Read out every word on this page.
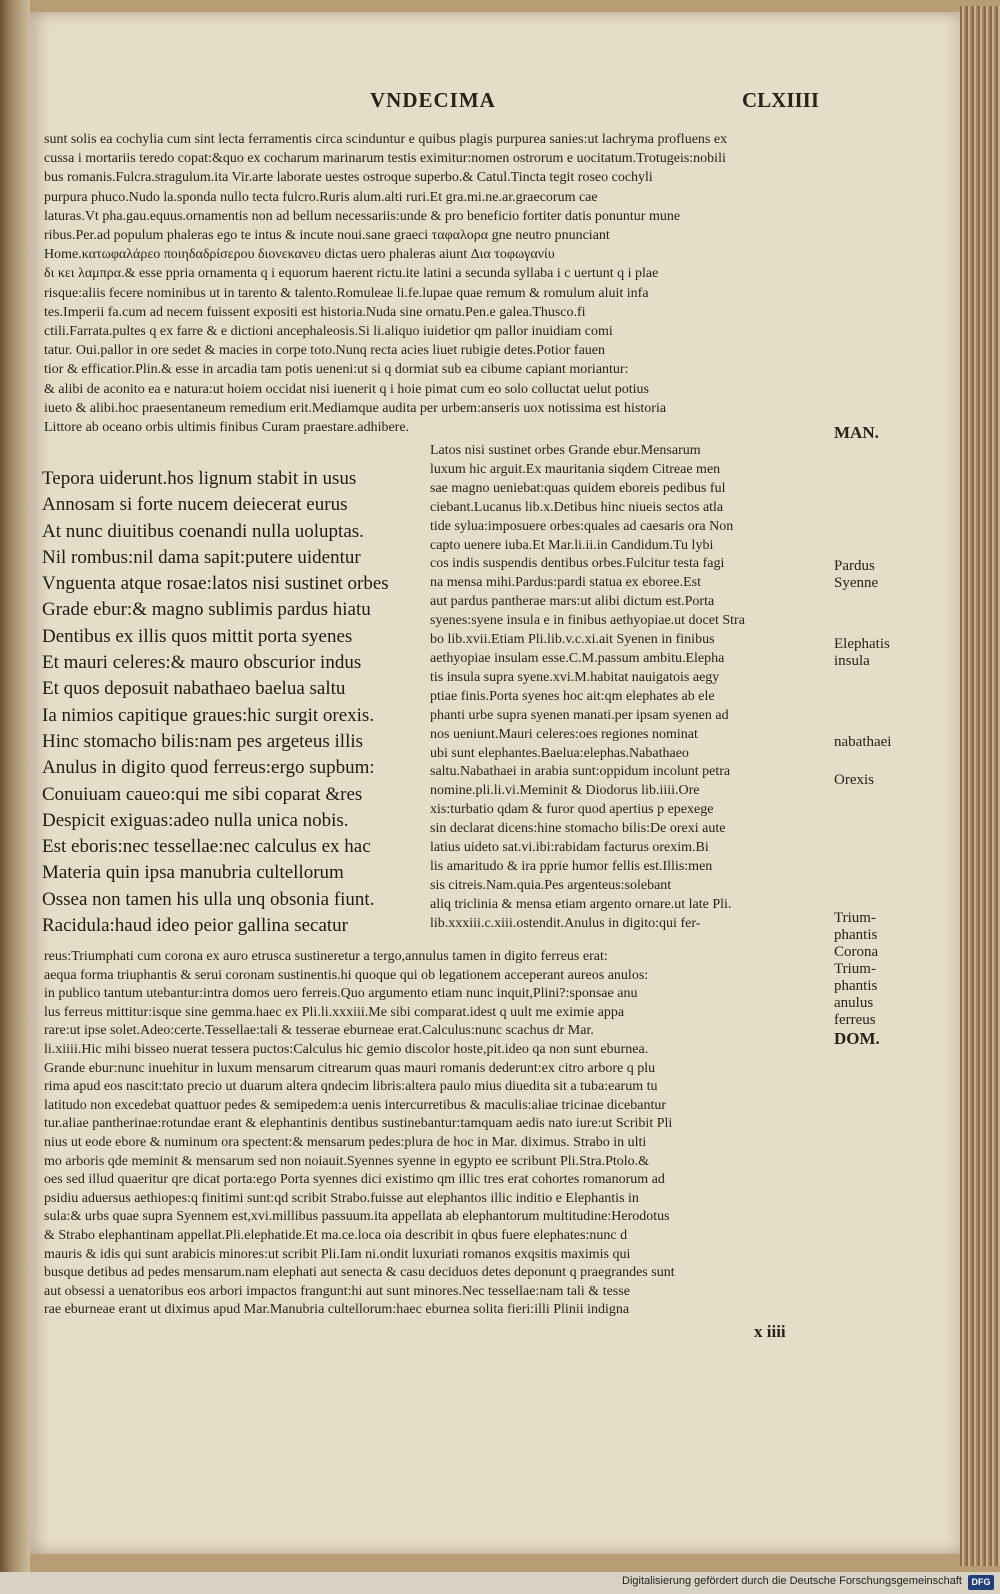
VNDECIMA	CLXIIII
sunt solis ea cochylia cum sint lecta ferramentis circa scinduntur e quibus plagis purpurea sanies:ut lachryma profluens ex
cussa i mortariis teredo copat:&quo ex cocharum marinarum testis eximitur:nomen ostrorum e uocitatum.Trotugeis:nobili
bus romanis.Fulcra.stragulum.ita Vir.arte laborate uestes ostroque superbo.& Catul.Tincta tegit roseo cochyli
purpura phuco.Nudo la.sponda nullo tecta fulcro.Ruris alum.alti ruri.Et gra.mi.ne.ar.graecorum cae
laturas.Vt pha.gau.equus.ornamentis non ad bellum necessariis:unde & pro beneficio fortiter datis ponuntur mune
ribus.Per.ad populum phaleras ego te intus & incute noui.sane graeci ταφαλορα gne neutro pnunciant
Home.κατωφαλάρεο ποιηδαδρίσερου διονεκανευ dictas uero phaleras aiunt Δια τοφωγανίυ
δι κει λαμπρα.& esse ppria ornamenta q i equorum haerent rictu.ite latini a secunda syllaba i c uertunt q i plae
risque:aliis fecere nominibus ut in tarento & talento.Romuleae li.fe.lupae quae remum & romulum aluit infa
tes.Imperii fa.cum ad necem fuissent expositi est historia.Nuda sine ornatu.Pen.e galea.Thusco.fi
ctili.Farrata.pultes q ex farre & e dictioni ancephaleosis.Si li.aliquo iuidetior qm pallor inuidiam comi
tatur. Oui.pallor in ore sedet & macies in corpe toto.Nunq recta acies liuet rubigie detes.Potior fauen
tior & efficatior.Plin.& esse in arcadia tam potis ueneni:ut si q dormiat sub ea cibume capiant moriantur:
& alibi de aconito ea e natura:ut hoiem occidat nisi iuenerit q i hoie pimat cum eo solo colluctat uelut potius
iueto & alibi.hoc praesentaneum remedium erit.Mediamque audita per urbem:anseris uox notissima est historia
Littore ab oceano orbis ultimis finibus Curam praestare.adhibere.
Tepora uiderunt.hos lignum stabit in usus
Annosam si forte nucem deiecerat eurus
At nunc diuitibus coenandi nulla uoluptas.
Nil rombus:nil dama sapit:putere uidentur
Vnguenta atque rosae:latos nisi sustinet orbes
Grade ebur:& magno sublimis pardus hiatu
Dentibus ex illis quos mittit porta syenes
Et mauri celeres:& mauro obscurior indus
Et quos deposuit nabathaeo baelua saltu
Ia nimios capitique graues:hic surgit orexis.
Hinc stomacho bilis:nam pes argeteus illis
Anulus in digito quod ferreus:ergo supbum:
Conuiuam caueo:qui me sibi coparat &res
Despicit exiguas:adeo nulla unica nobis.
Est eboris:nec tessellae:nec calculus ex hac
Materia quin ipsa manubria cultellorum
Ossea non tamen his ulla unq obsonia fiunt.
Racidula:haud ideo peior gallina secatur
Latos nisi sustinet orbes Grande ebur.Mensarum
luxum hic arguit.Ex mauritania siqdem Citreae men
sae magno ueniebat:quas quidem eboreis pedibus ful
ciebant.Lucanus lib.x.Detibus hinc niueis sectos atla
tide sylua:imposuere orbes:quales ad caesaris ora Non
capto uenere iuba.Et Mar.li.ii.in Candidum.Tu lybi
cos indis suspendis dentibus orbes.Fulcitur testa fagi
na mensa mihi.Pardus:pardi statua ex eboree.Est
aut pardus pantherae mars:ut alibi dictum est.Porta
syenes:syene insula e in finibus aethyopiae.ut docet Stra
bo lib.xvii.Etiam Pli.lib.v.c.xi.ait Syenen in finibus
aethyopiae insulam esse.C.M.passum ambitu.Elepha
tis insula supra syene.xvi.M.habitat nauigatois aegy
ptiae finis.Porta syenes hoc ait:qm elephates ab ele
phanti urbe supra syenen manati.per ipsam syenen ad
nos ueniunt.Mauri celeres:oes regiones nominat
ubi sunt elephantes.Baelua:elephas.Nabathaeo
saltu.Nabathaei in arabia sunt:oppidum incolunt petra
nomine.pli.li.vi.Meminit & Diodorus lib.iiii.Ore
xis:turbatio qdam & furor quod apertius p epexege
sin declarat dicens:hine stomacho bilis:De orexi aute
latius uideto sat.vi.ibi:rabidam facturus orexim.Bi
lis amaritudo & ira pprie humor fellis est.Illis:men
sis citreis.Nam.quia.Pes argenteus:solebant
aliq triclinia & mensa etiam argento ornare.ut late Pli.
lib.xxxiii.c.xiii.ostendit.Anulus in digito:qui fer-
reus:Triumphati cum corona ex auro etrusca sustineretur a tergo,annulus tamen in digito ferreus erat:
aequa forma triuphantis & serui coronam sustinentis.hi quoque qui ob legationem acceperant aureos anulos:
in publico tantum utebantur:intra domos uero ferreis.Quo argumento etiam nunc inquit,Plini?:sponsae anu
lus ferreus mittitur:isque sine gemma.haec ex Pli.li.xxxiii.Me sibi comparat.idest q uult me eximie appa
rare:ut ipse solet.Adeo:certe.Tessellae:tali & tesserae eburneae erat.Calculus:nunc scachus dr Mar.
li.xiiii.Hic mihi bisseo nuerat tessera puctos:Calculus hic gemio discolor hoste,pit.ideo qa non sunt eburnea.
Grande ebur:nunc inuehitur in luxum mensarum citrearum quas mauri romanis dederunt:ex citro arbore q plu
rima apud eos nascit:tato precio ut duarum altera qndecim libris:altera paulo mius diuedita sit a tuba:earum tu
latitudo non excedebat quattuor pedes & semipedem:a uenis intercurretibus & maculis:aliae tricinae dicebantur
tur.aliae pantherinae:rotundae erant & elephantinis dentibus sustinebantur:tamquam aedis nato iure:ut Scribit Pli
nius ut eode ebore & numinum ora spectent:& mensarum pedes:plura de hoc in Mar. diximus. Strabo in ulti
mo arboris qde meminit & mensarum sed non noiauit.Syennes syenne in egypto ee scribunt Pli.Stra.Ptolo.&
oes sed illud quaeritur qre dicat porta:ego Porta syennes dici existimo qm illic tres erat cohortes romanorum ad
psidiu aduersus aethiopes:q finitimi sunt:qd scribit Strabo.fuisse aut elephantos illic inditio e Elephantis in
sula:& urbs quae supra Syennem est,xvi.millibus passuum.ita appellata ab elephantorum multitudine:Herodotus
& Strabo elephantinam appellat.Pli.elephatide.Et ma.ce.loca oia describit in qbus fuere elephates:nunc d
mauris & idis qui sunt arabicis minores:ut scribit Pli.Iam ni.ondit luxuriati romanos exqsitis maximis qui
busque detibus ad pedes mensarum.nam elephati aut senecta & casu deciduos detes deponunt q praegrandes sunt
aut obsessi a uenatoribus eos arbori impactos frangunt:hi aut sunt minores.Nec tessellae:nam tali & tesse
rae eburneae erant ut diximus apud Mar.Manubria cultellorum:haec eburnea solita fieri:illi Plinii indigna
MAN.
Pardus
Syenne
Elephatis
insula
nabathaei
Orexis
Trium-
phantis
Corona
Trium-
phantis
anulus
ferreus
DOM.
x iiii
Digitalisierung gefördert durch die Deutsche Forschungsgemeinschaft	DFG
